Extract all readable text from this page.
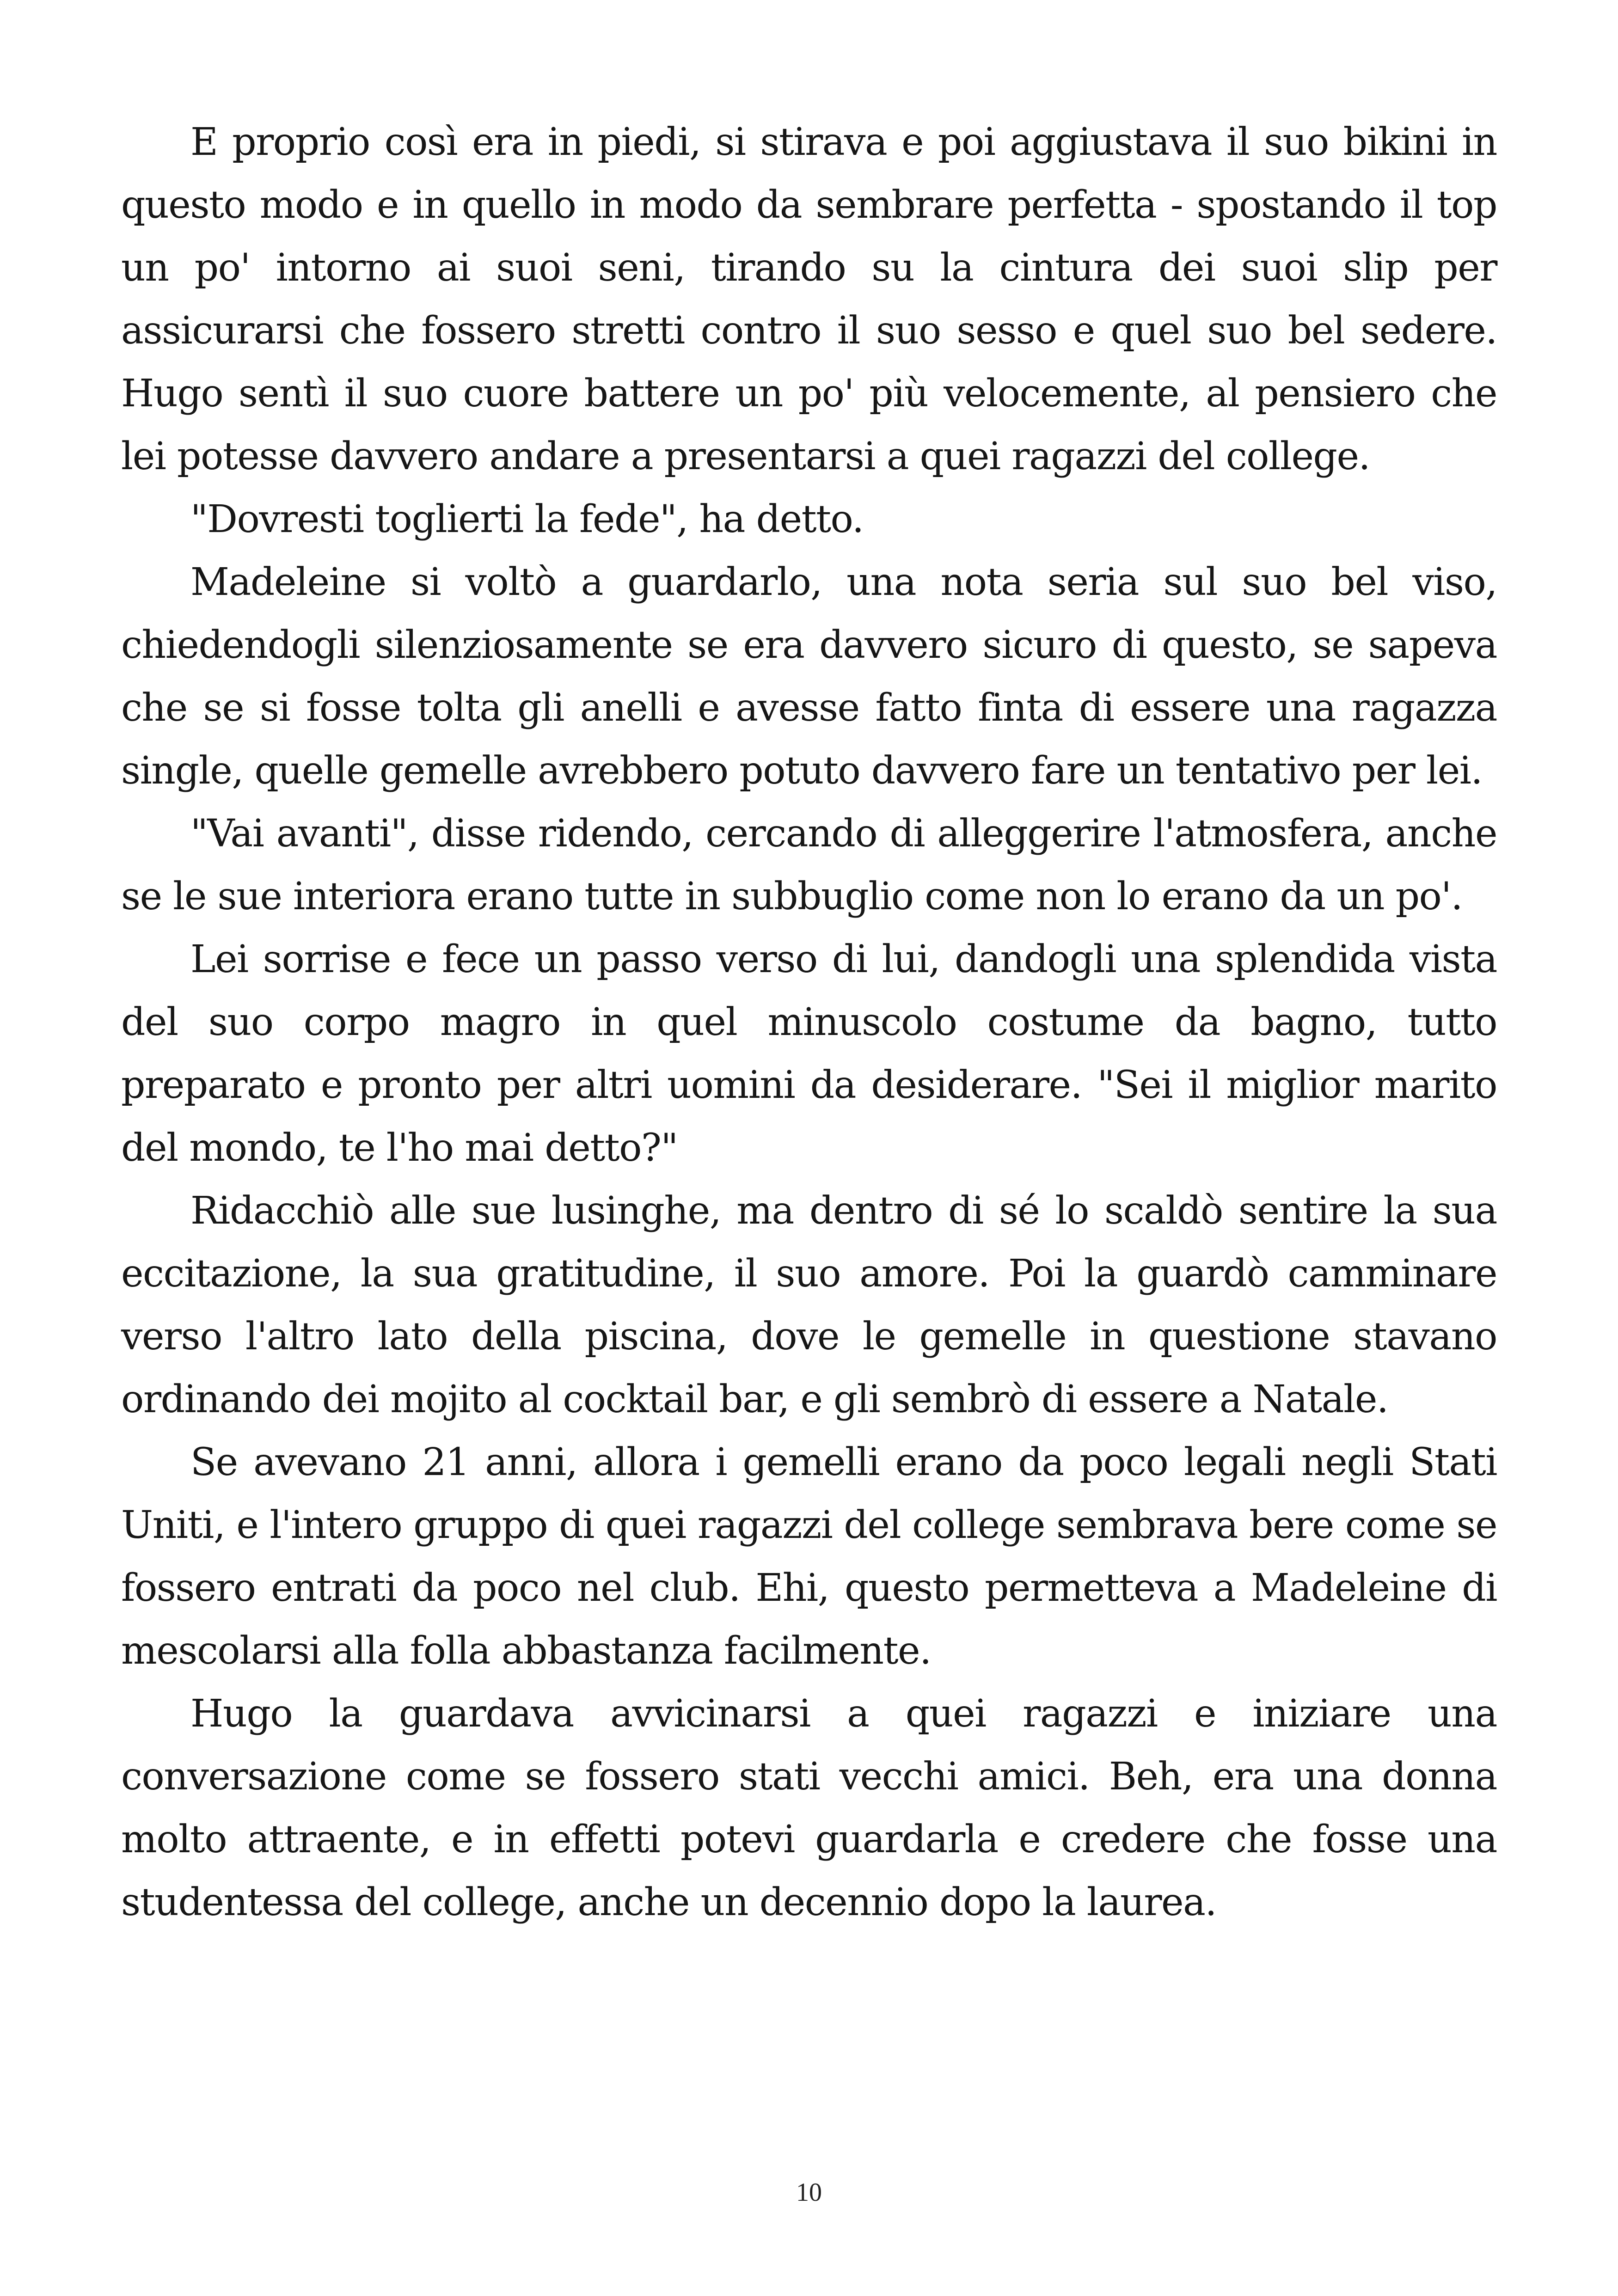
E proprio così era in piedi, si stirava e poi aggiustava il suo bikini in questo modo e in quello in modo da sembrare perfetta - spostando il top un po' intorno ai suoi seni, tirando su la cintura dei suoi slip per assicurarsi che fossero stretti contro il suo sesso e quel suo bel sedere. Hugo sentì il suo cuore battere un po' più velocemente, al pensiero che lei potesse davvero andare a presentarsi a quei ragazzi del college.

"Dovresti toglierti la fede", ha detto.

Madeleine si voltò a guardarlo, una nota seria sul suo bel viso, chiedendogli silenziosamente se era davvero sicuro di questo, se sapeva che se si fosse tolta gli anelli e avesse fatto finta di essere una ragazza single, quelle gemelle avrebbero potuto davvero fare un tentativo per lei.

"Vai avanti", disse ridendo, cercando di alleggerire l'atmosfera, anche se le sue interiora erano tutte in subbuglio come non lo erano da un po'.

Lei sorrise e fece un passo verso di lui, dandogli una splendida vista del suo corpo magro in quel minuscolo costume da bagno, tutto preparato e pronto per altri uomini da desiderare. "Sei il miglior marito del mondo, te l'ho mai detto?"

Ridacchiò alle sue lusinghe, ma dentro di sé lo scaldò sentire la sua eccitazione, la sua gratitudine, il suo amore. Poi la guardò camminare verso l'altro lato della piscina, dove le gemelle in questione stavano ordinando dei mojito al cocktail bar, e gli sembrò di essere a Natale.

Se avevano 21 anni, allora i gemelli erano da poco legali negli Stati Uniti, e l'intero gruppo di quei ragazzi del college sembrava bere come se fossero entrati da poco nel club. Ehi, questo permetteva a Madeleine di mescolarsi alla folla abbastanza facilmente.

Hugo la guardava avvicinarsi a quei ragazzi e iniziare una conversazione come se fossero stati vecchi amici. Beh, era una donna molto attraente, e in effetti potevi guardarla e credere che fosse una studentessa del college, anche un decennio dopo la laurea.

10
